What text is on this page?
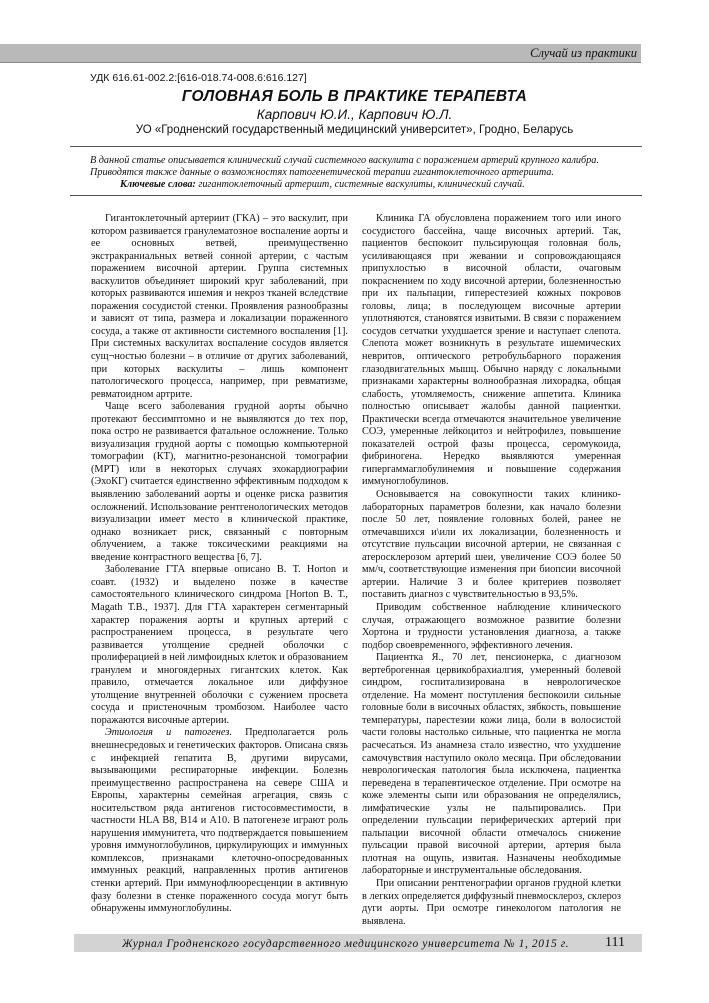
Случай из практики
УДК 616.61-002.2:[616-018.74-008.6:616.127]
ГОЛОВНАЯ БОЛЬ В ПРАКТИКЕ ТЕРАПЕВТА
Карпович Ю.И., Карпович Ю.Л.
УО «Гродненский государственный медицинский университет», Гродно, Беларусь
В данной статье описывается клинический случай системного васкулита с поражением артерий крупного калибра. Приводятся также данные о возможностях патогенетической терапии гигантоклеточного артериита.
Ключевые слова: гигантоклеточный артериит, системные васкулиты, клинический случай.

Гигантоклеточный артериит (ГКА) – это васкулит, при котором развивается гранулематозное воспаление аорты и ее основных ветвей, преимущественно экстракраниальных ветвей сонной артерии, с частым поражением височной артерии. Группа системных васкулитов объединяет широкий круг заболеваний, при которых развиваются ишемия и некроз тканей вследствие поражения сосудистой стенки. Проявления разнообразны и зависят от типа, размера и локализации пораженного сосуда, а также от активности системного воспаления [1]. При системных васкулитах воспаление сосудов является сущ¬ностью болезни – в отличие от других заболеваний, при которых васкулиты – лишь компонент патологического процесса, например, при ревматизме, ревматоидном артрите.

Чаще всего заболевания грудной аорты обычно протекают бессимптомно и не выявляются до тех пор, пока остро не развивается фатальное осложнение. Только визуализация грудной аорты с помощью компьютерной томографии (КТ), магнитно-резонансной томографии (МРТ) или в некоторых случаях эхокардиографии (ЭхоКГ) считается единственно эффективным подходом к выявлению заболеваний аорты и оценке риска развития осложнений. Использование рентгенологических методов визуализации имеет место в клинической практике, однако возникает риск, связанный с повторным облучением, а также токсическими реакциями на введение контрастного вещества [6, 7].

Заболевание ГТА впервые описано В. Т. Horton и соавт. (1932) и выделено позже в качестве самостоятельного клинического синдрома [Horton В. Т., Magath Т.В., 1937]. Для ГТА характерен сегментарный характер поражения аорты и крупных артерий с распространением процесса, в результате чего развивается утолщение средней оболочки с пролиферацией в ней лимфоидных клеток и образованием гранулем и многоядерных гигантских клеток. Как правило, отмечается локальное или диффузное утолщение внутренней оболочки с сужением просвета сосуда и пристеночным тромбозом. Наиболее часто поражаются височные артерии.

Этиология и патогенез. Предполагается роль внешнесредовых и генетических факторов. Описана связь с инфекцией гепатита В, другими вирусами, вызывающими респираторные инфекции. Болезнь преимущественно распространена на севере США и Европы, характерны семейная агрегация, связь с носительством ряда антигенов гистосовместимости, в частности HLA В8, В14 и А10. В патогенезе играют роль нарушения иммунитета, что подтверждается повышением уровня иммуноглобулинов, циркулирующих и иммунных комплексов, признаками клеточно-опосредованных иммунных реакций, направленных против антигенов стенки артерий. При иммунофлюоресценции в активную фазу болезни в стенке пораженного сосуда могут быть обнаружены иммуноглобулины.

Клиника ГА обусловлена поражением того или иного сосудистого бассейна, чаще височных артерий. Так, пациентов беспокоит пульсирующая головная боль, усиливающаяся при жевании и сопровождающаяся припухлостью в височной области, очаговым покраснением по ходу височной артерии, болезненностью при их пальпации, гиперестезией кожных покровов головы, лица; в последующем височные артерии уплотняются, становятся извитыми. В связи с поражением сосудов сетчатки ухудшается зрение и наступает слепота. Слепота может возникнуть в результате ишемических невритов, оптического ретробульбарного поражения глазодвигательных мышц. Обычно наряду с локальными признаками характерны волнообразная лихорадка, общая слабость, утомляемость, снижение аппетита. Клиника полностью описывает жалобы данной пациентки. Практически всегда отмечаются значительное увеличение СОЭ, умеренные лейкоцитоз и нейтрофилез, повышение показателей острой фазы процесса, серомукоида, фибриногена. Нередко выявляются умеренная гипергаммаглобулинемия и повышение содержания иммуноглобулинов.

Основывается на совокупности таких клинико-лабораторных параметров болезни, как начало болезни после 50 лет, появление головных болей, ранее не отмечавшихся и\или их локализации, болезненность и отсутствие пульсации височной артерии, не связанная с атеросклерозом артерий шеи, увеличение СОЭ более 50 мм/ч, соответствующие изменения при биопсии височной артерии. Наличие 3 и более критериев позволяет поставить диагноз с чувствительностью в 93,5%.

Приводим собственное наблюдение клинического случая, отражающего возможное развитие болезни Хортона и трудности установления диагноза, а также подбор своевременного, эффективного лечения.

Пациентка Я., 70 лет, пенсионерка, с диагнозом вертеброгенная цервикобрахиалгия, умеренный болевой синдром, госпитализирована в неврологическое отделение. На момент поступления беспокоили сильные головные боли в височных областях, зябкость, повышение температуры, парестезии кожи лица, боли в волосистой части головы настолько сильные, что пациентка не могла расчесаться. Из анамнеза стало известно, что ухудшение самочувствия наступило около месяца. При обследовании неврологическая патология была исключена, пациентка переведена в терапевтическое отделение. При осмотре на коже элементы сыпи или образования не определялись, лимфатические узлы не пальпировались. При определении пульсации периферических артерий при пальпации височной области отмечалось снижение пульсации правой височной артерии, артерия была плотная на ощупь, извитая. Назначены необходимые лабораторные и инструментальные обследования.

При описании рентгенографии органов грудной клетки в легких определяется диффузный пневмосклероз, склероз дуги аорты. При осмотре гинекологом патология не выявлена.

Журнал Гродненского государственного медицинского университета № 1, 2015 г.	111
